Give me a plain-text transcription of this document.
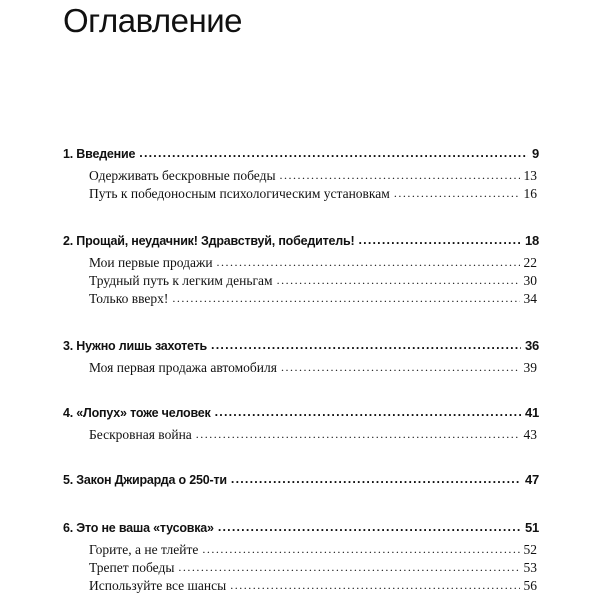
Оглавление
1. Введение .....	9
Одерживать бескровные победы .....	13
Путь к победоносным психологическим установкам .....	16
2. Прощай, неудачник! Здравствуй, победитель! .....	18
Мои первые продажи .....	22
Трудный путь к легким деньгам .....	30
Только вверх! .....	34
3. Нужно лишь захотеть .....	36
Моя первая продажа автомобиля .....	39
4. «Лопух» тоже человек .....	41
Бескровная война .....	43
5. Закон Джирарда о 250-ти .....	47
6. Это не ваша «тусовка» .....	51
Горите, а не тлейте .....	52
Трепет победы .....	53
Используйте все шансы .....	56
